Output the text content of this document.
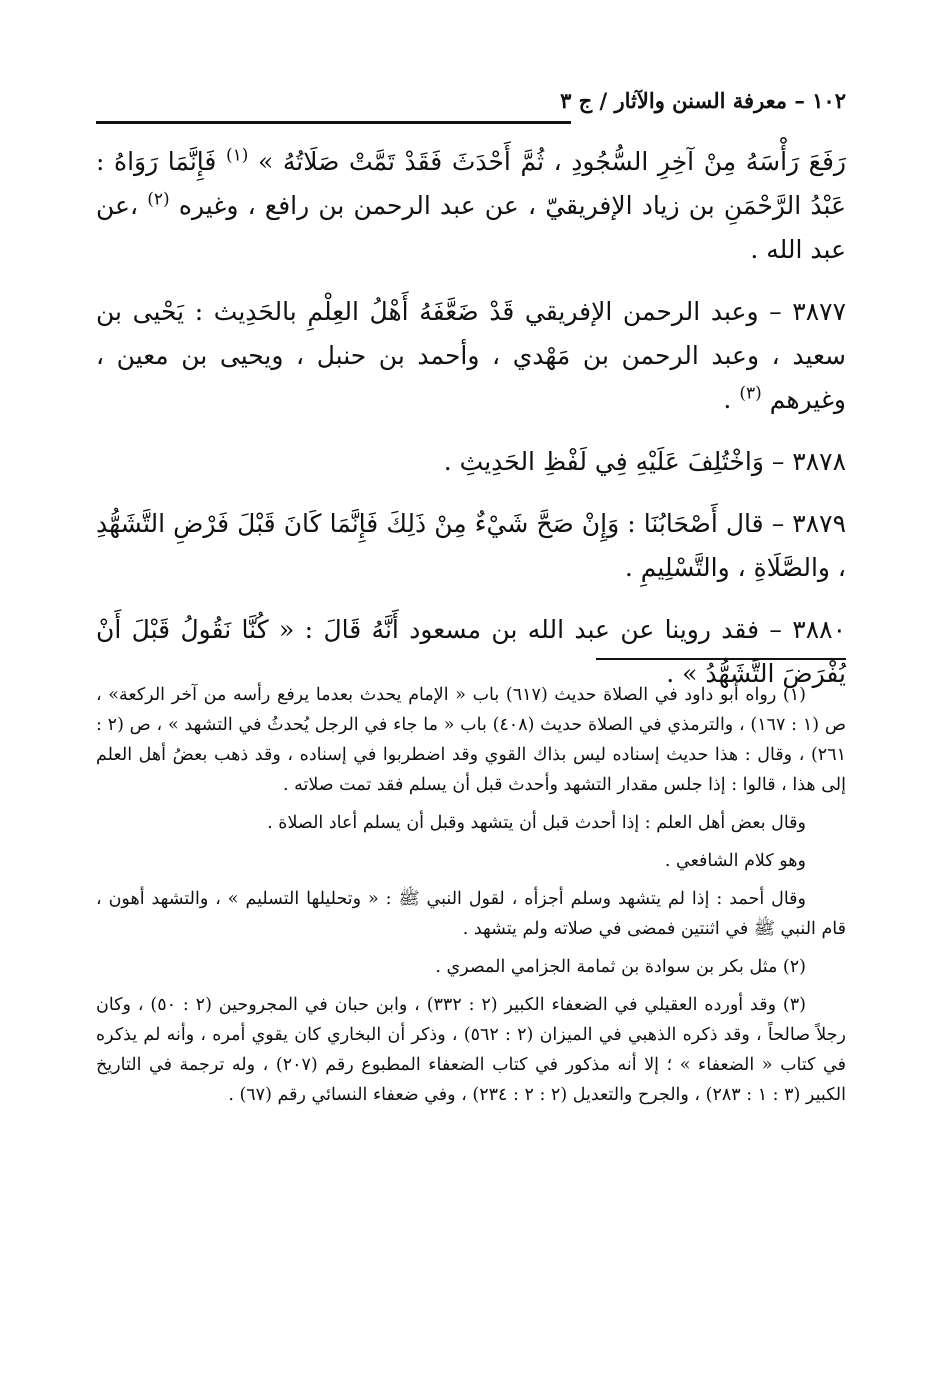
١٠٢ – معرفة السنن والآثار / ج ٣

رَفَعَ رَأْسَهُ مِنْ آخِرِ السُّجُودِ ، ثُمَّ أَحْدَثَ فَقَدْ تَمَّتْ صَلَاتُهُ » $^{(١)}$ فَإِنَّمَا رَوَاهُ : عَبْدُ الرَّحْمَنِ بن زياد الإفريقيّ ، عن عبد الرحمن بن رافع ، وغيره $^{(٢)}$ ،عن عبد الله .

٣٨٧٧ – وعبد الرحمن الإفريقي قَدْ ضَعَّفَهُ أَهْلُ العِلْمِ بالحَدِيث : يَحْيى بن سعيد ، وعبد الرحمن بن مَهْدي ، وأحمد بن حنبل ، ويحيى بن معين ، وغيرهم $^{(٣)}$ .

٣٨٧٨ – وَاخْتُلِفَ عَلَيْهِ فِي لَفْظِ الحَدِيثِ .

٣٨٧٩ – قال أَصْحَابُنَا : وَإِنْ صَحَّ شَيْءٌ مِنْ ذَلِكَ فَإِنَّمَا كَانَ قَبْلَ فَرْضِ التَّشَهُّدِ ، والصَّلَاةِ ، والتَّسْلِيمِ .

٣٨٨٠ – فقد روينا عن عبد الله بن مسعود أَنَّهُ قَالَ : « كُنَّا نَقُولُ قَبْلَ أَنْ يُفْرَضَ التَّشَهُّدُ » .

(١) رواه أبو داود في الصلاة حديث (٦١٧) باب « الإمام يحدث بعدما يرفع رأسه من آخر الركعة» ، ص (١ : ١٦٧) ، والترمذي في الصلاة حديث (٤٠٨) باب « ما جاء في الرجل يُحدثُ في التشهد » ، ص (٢ : ٢٦١) ، وقال : هذا حديث إسناده ليس بذاك القوي وقد اضطربوا في إسناده ، وقد ذهب بعضُ أهل العلم إلى هذا ، قالوا : إذا جلس مقدار التشهد وأحدث قبل أن يسلم فقد تمت صلاته .

وقال بعض أهل العلم : إذا أحدث قبل أن يتشهد وقبل أن يسلم أعاد الصلاة .

وهو كلام الشافعي .

وقال أحمد : إذا لم يتشهد وسلم أجزأه ، لقول النبي ﷺ : « وتحليلها التسليم » ، والتشهد أهون ، قام النبي ﷺ في اثنتين فمضى في صلاته ولم يتشهد .

(٢) مثل بكر بن سوادة بن ثمامة الجزامي المصري .

(٣) وقد أورده العقيلي في الضعفاء الكبير (٢ : ٣٣٢) ، وابن حبان في المجروحين (٢ : ٥٠) ، وكان رجلاً صالحاً ، وقد ذكره الذهبي في الميزان (٢ : ٥٦٢) ، وذكر أن البخاري كان يقوي أمره ، وأنه لم يذكره في كتاب « الضعفاء » ؛ إلا أنه مذكور في كتاب الضعفاء المطبوع رقم (٢٠٧) ، وله ترجمة في التاريخ الكبير (٣ : ١ : ٢٨٣) ، والجرح والتعديل (٢ : ٢ : ٢٣٤) ، وفي ضعفاء النسائي رقم (٦٧) .
